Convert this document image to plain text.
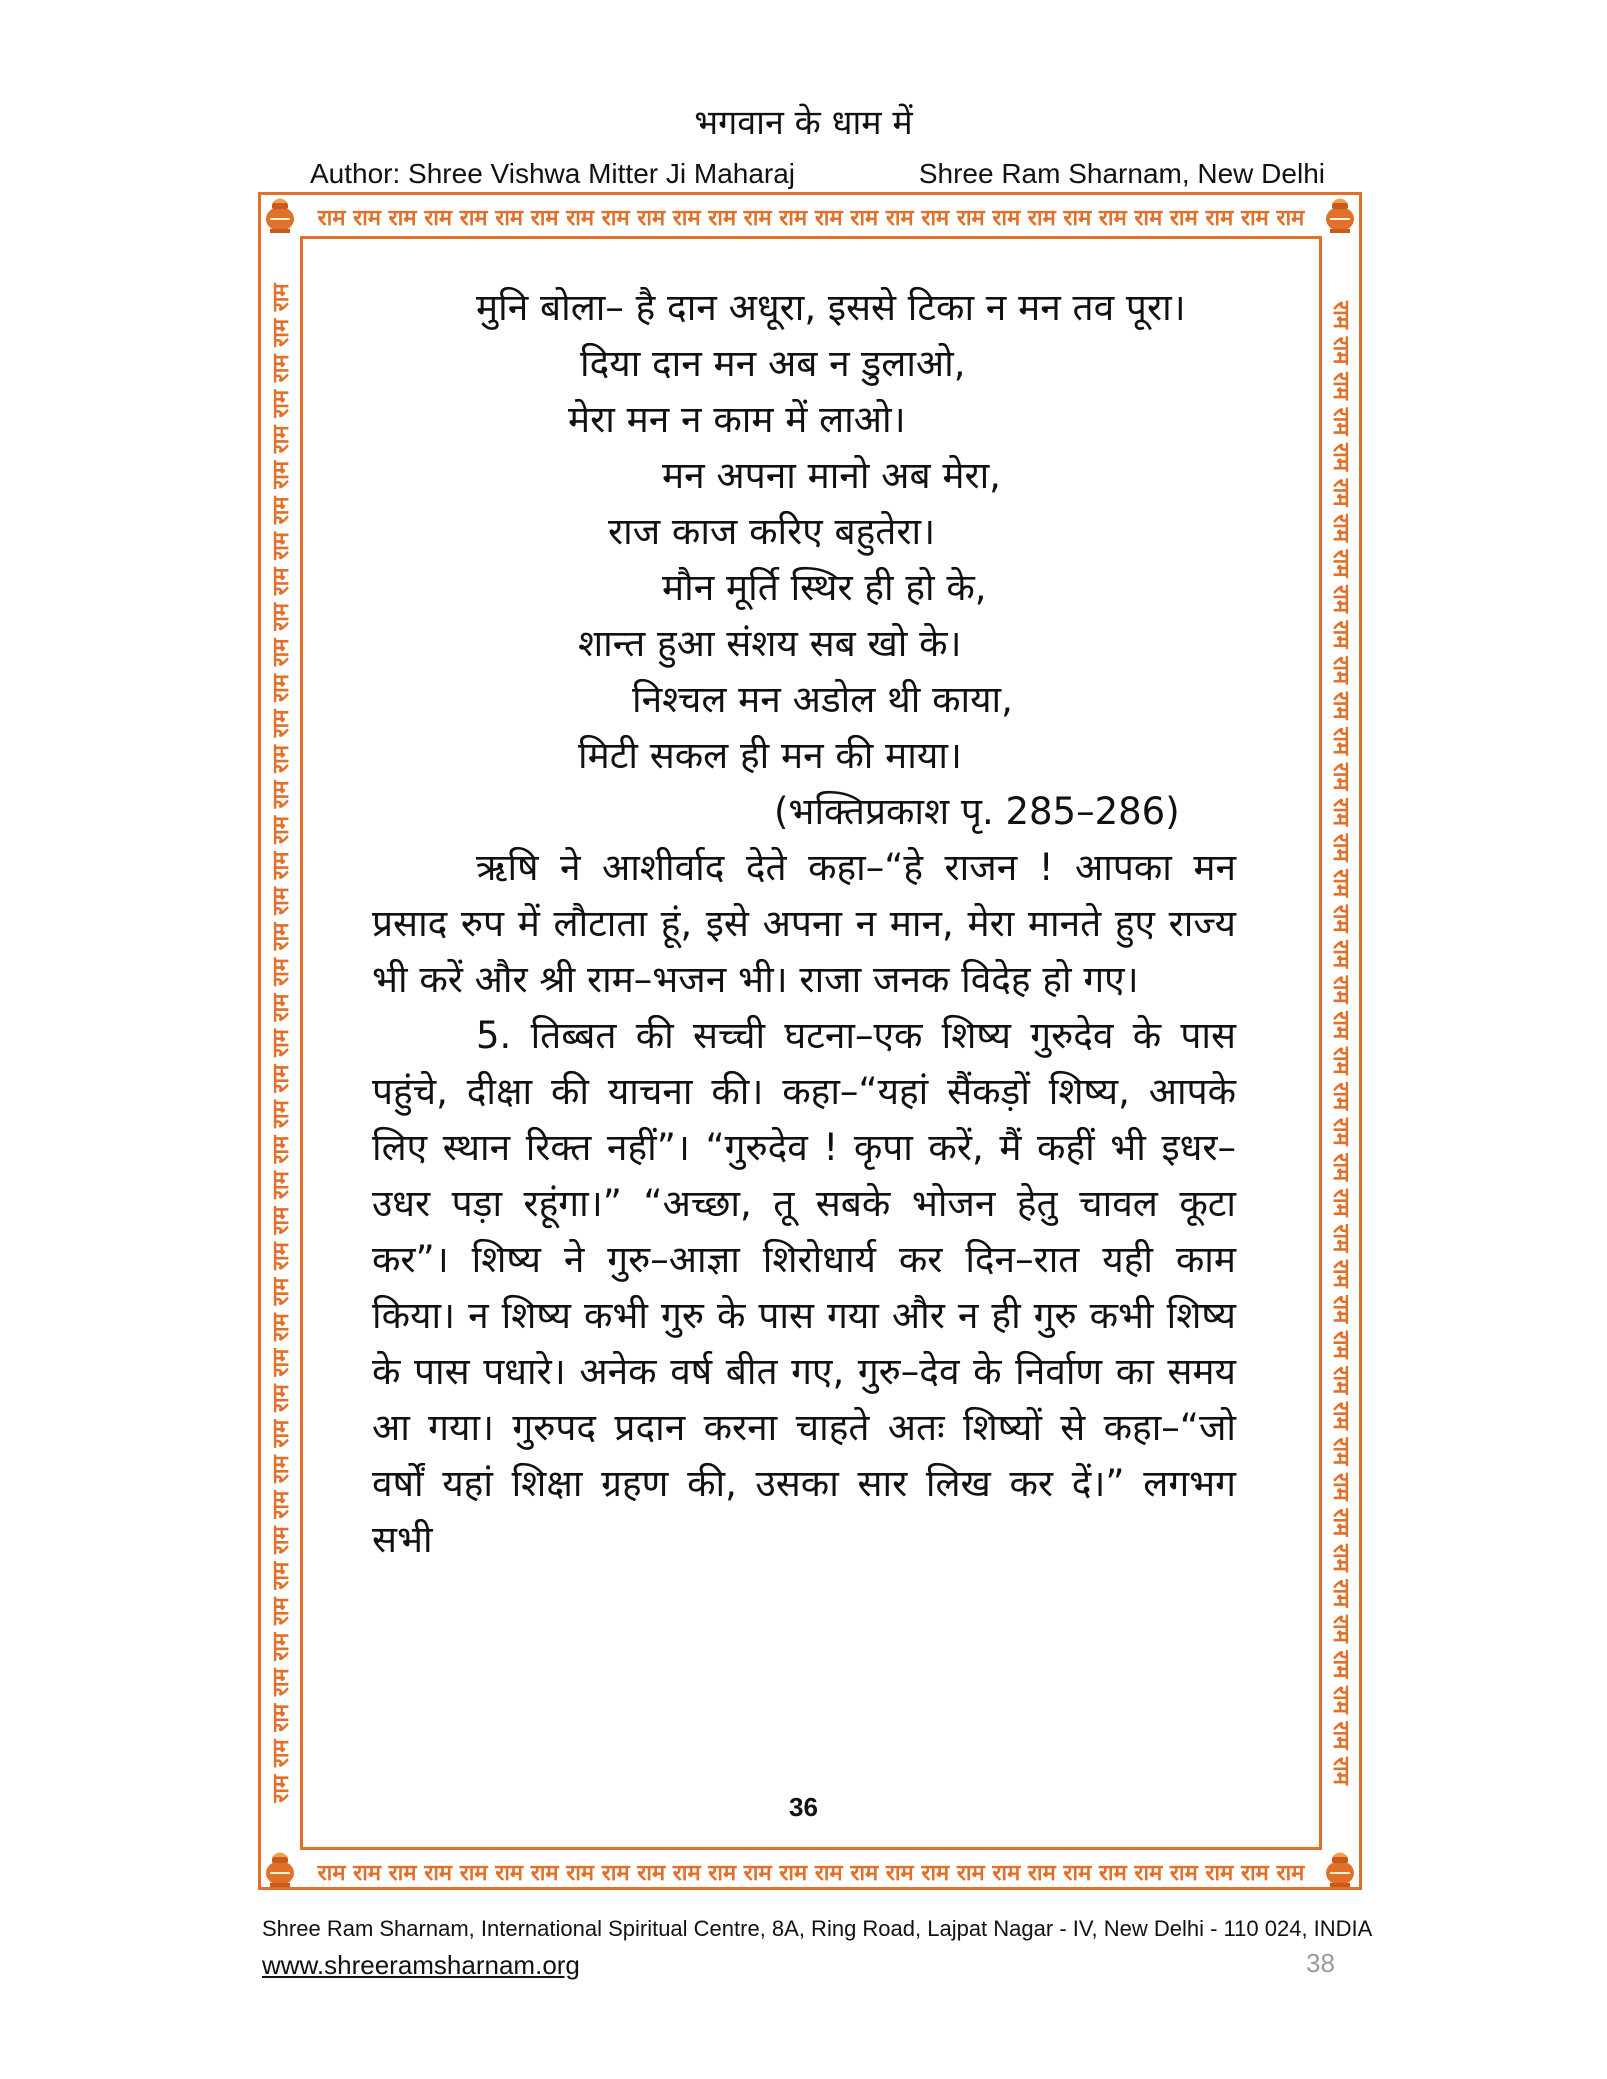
भगवान के धाम में
Author: Shree Vishwa Mitter Ji Maharaj	Shree Ram Sharnam, New Delhi
राम राम राम राम राम राम राम राम राम राम राम राम राम राम राम राम राम राम राम राम राम राम राम राम राम राम राम राम
राम राम राम राम राम राम राम राम राम राम राम राम राम राम राम राम राम राम राम राम राम राम राम राम राम राम राम राम
राम राम राम राम राम राम राम राम राम राम राम राम राम राम राम राम राम राम राम राम राम राम राम राम राम राम राम राम राम राम राम राम राम राम राम राम राम राम राम राम राम राम राम	राम राम राम राम राम राम राम राम राम राम राम राम राम राम राम राम राम राम राम राम राम राम राम राम राम राम राम राम राम राम राम राम राम राम राम राम राम राम राम राम राम राम

मुनि बोला– है दान अधूरा, इससे टिका न मन तव पूरा।

दिया दान मन अब न डुलाओ,

मेरा मन न काम में लाओ।

मन अपना मानो अब मेरा,

राज काज करिए बहुतेरा।

मौन मूर्ति स्थिर ही हो के,

शान्त हुआ संशय सब खो के।

निश्चल मन अडोल थी काया,

मिटी सकल ही मन की माया।

(भक्तिप्रकाश पृ. 285–286)

ऋषि ने आशीर्वाद देते कहा–“हे राजन ! आपका मन प्रसाद रुप में लौटाता हूं, इसे अपना न मान, मेरा मानते हुए राज्य भी करें और श्री राम–भजन भी। राजा जनक विदेह हो गए।

5. तिब्बत की सच्ची घटना–एक शिष्य गुरुदेव के पास पहुंचे, दीक्षा की याचना की। कहा–“यहां सैंकड़ों शिष्य, आपके लिए स्थान रिक्त नहीं”। “गुरुदेव ! कृपा करें, मैं कहीं भी इधर–उधर पड़ा रहूंगा।” “अच्छा, तू सबके भोजन हेतु चावल कूटा कर”। शिष्य ने गुरु–आज्ञा शिरोधार्य कर दिन–रात यही काम किया। न शिष्य कभी गुरु के पास गया और न ही गुरु कभी शिष्य के पास पधारे। अनेक वर्ष बीत गए, गुरु–देव के निर्वाण का समय आ गया। गुरुपद प्रदान करना चाहते अतः शिष्यों से कहा–“जो वर्षों यहां शिक्षा ग्रहण की, उसका सार लिख कर दें।” लगभग सभी

36
Shree Ram Sharnam, International Spiritual Centre, 8A, Ring Road, Lajpat Nagar - IV, New Delhi - 110 024, INDIA
www.shreeramsharnam.org	38
